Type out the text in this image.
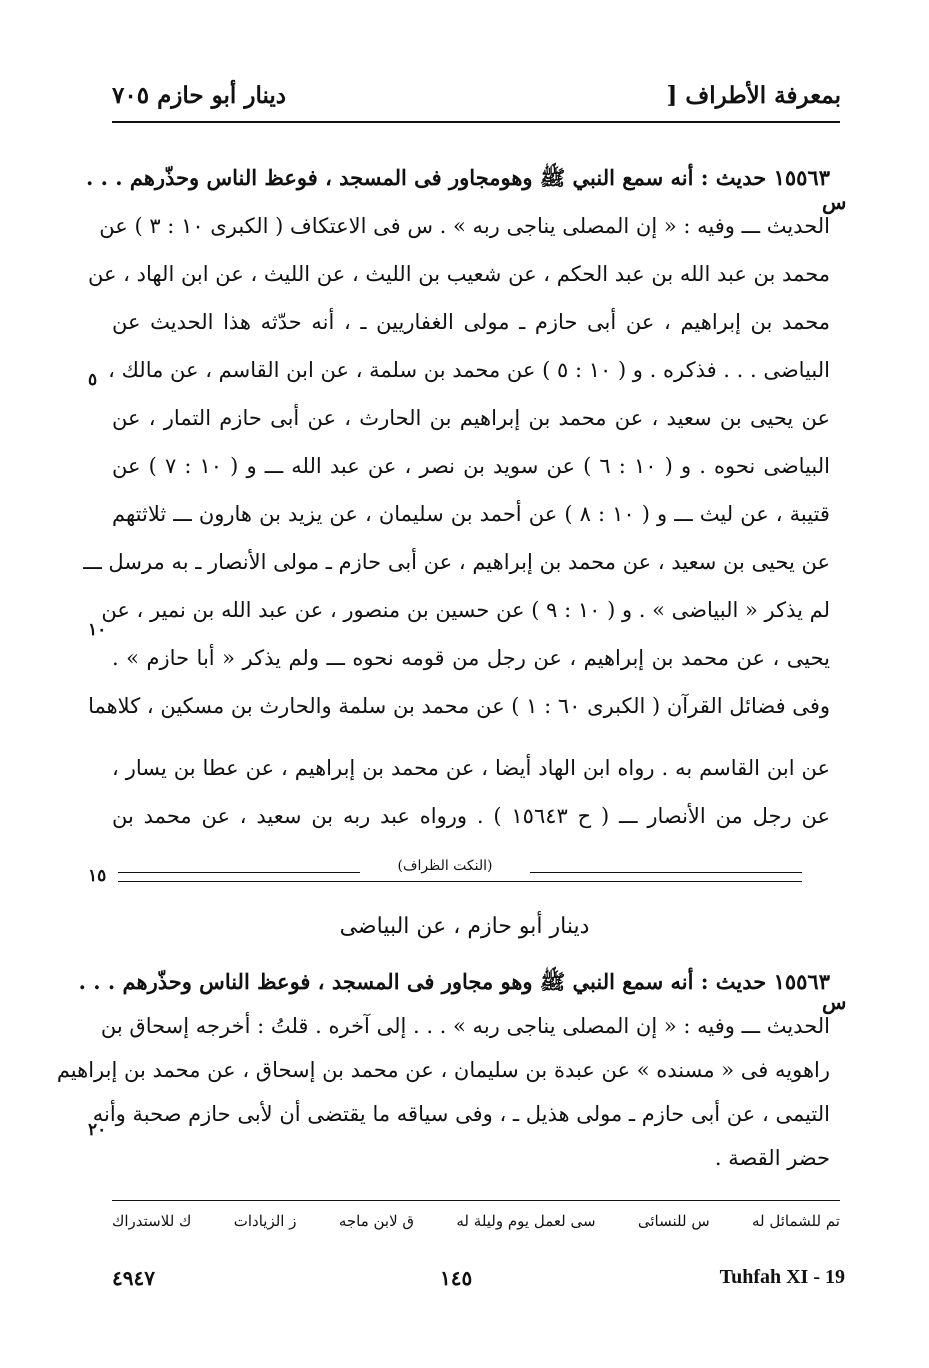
بمعرفة الأطراف [
دينار أبو حازم ٧٠٥
١٥٥٦٣ حديث : أنه سمع النبي ﷺ وهومجاور فى المسجد ، فوعظ الناس وحذّرهم . . .
الحديث ـــ وفيه : « إن المصلى يناجى ربه » . س فى الاعتكاف ( الكبرى ١٠ : ٣ ) عن
محمد بن عبد الله بن عبد الحكم ، عن شعيب بن الليث ، عن الليث ، عن ابن الهاد ، عن
محمد بن إبراهيم ، عن أبى حازم ـ مولى الغفاريين ـ ، أنه حدّثه هذا الحديث عن
البياضى . . . فذكره . و ( ١٠ : ٥ ) عن محمد بن سلمة ، عن ابن القاسم ، عن مالك ،
عن يحيى بن سعيد ، عن محمد بن إبراهيم بن الحارث ، عن أبى حازم التمار ، عن
البياضى نحوه . و ( ١٠ : ٦ ) عن سويد بن نصر ، عن عبد الله ـــ و ( ١٠ : ٧ ) عن
قتيبة ، عن ليث ـــ و ( ١٠ : ٨ ) عن أحمد بن سليمان ، عن يزيد بن هارون ـــ ثلاثتهم
عن يحيى بن سعيد ، عن محمد بن إبراهيم ، عن أبى حازم ـ مولى الأنصار ـ به مرسل ـــ
لم يذكر « البياضى » . و ( ١٠ : ٩ ) عن حسين بن منصور ، عن عبد الله بن نمير ، عن
يحيى ، عن محمد بن إبراهيم ، عن رجل من قومه نحوه ـــ ولم يذكر « أبا حازم » .
وفى فضائل القرآن ( الكبرى ٦٠ : ١ ) عن محمد بن سلمة والحارث بن مسكين ، كلاهما
عن ابن القاسم به . رواه ابن الهاد أيضا ، عن محمد بن إبراهيم ، عن عطا بن يسار ،
عن رجل من الأنصار ـــ ( ح ١٥٦٤٣ ) . ورواه عبد ربه بن سعيد ، عن محمد بن
س
٥
١٠
١٥	(النكت الظراف)
دينار أبو حازم ، عن البياضى
١٥٥٦٣ حديث : أنه سمع النبي ﷺ وهو مجاور فى المسجد ، فوعظ الناس وحذّرهم . . .
الحديث ـــ وفيه : « إن المصلى يناجى ربه » . . . إلى آخره . قلتُ : أخرجه إسحاق بن
راهويه فى « مسنده » عن عبدة بن سليمان ، عن محمد بن إسحاق ، عن محمد بن إبراهيم
التيمى ، عن أبى حازم ـ مولى هذيل ـ ، وفى سياقه ما يقتضى أن لأبى حازم صحبة وأنه
حضر القصة .
س
٢٠
تم للشمائل له
س للنسائى
سى لعمل يوم وليلة له
ق لابن ماجه
ز الزيادات
ك للاستدراك
Tuhfah XI - 19
١٤٥
٤٩٤٧
